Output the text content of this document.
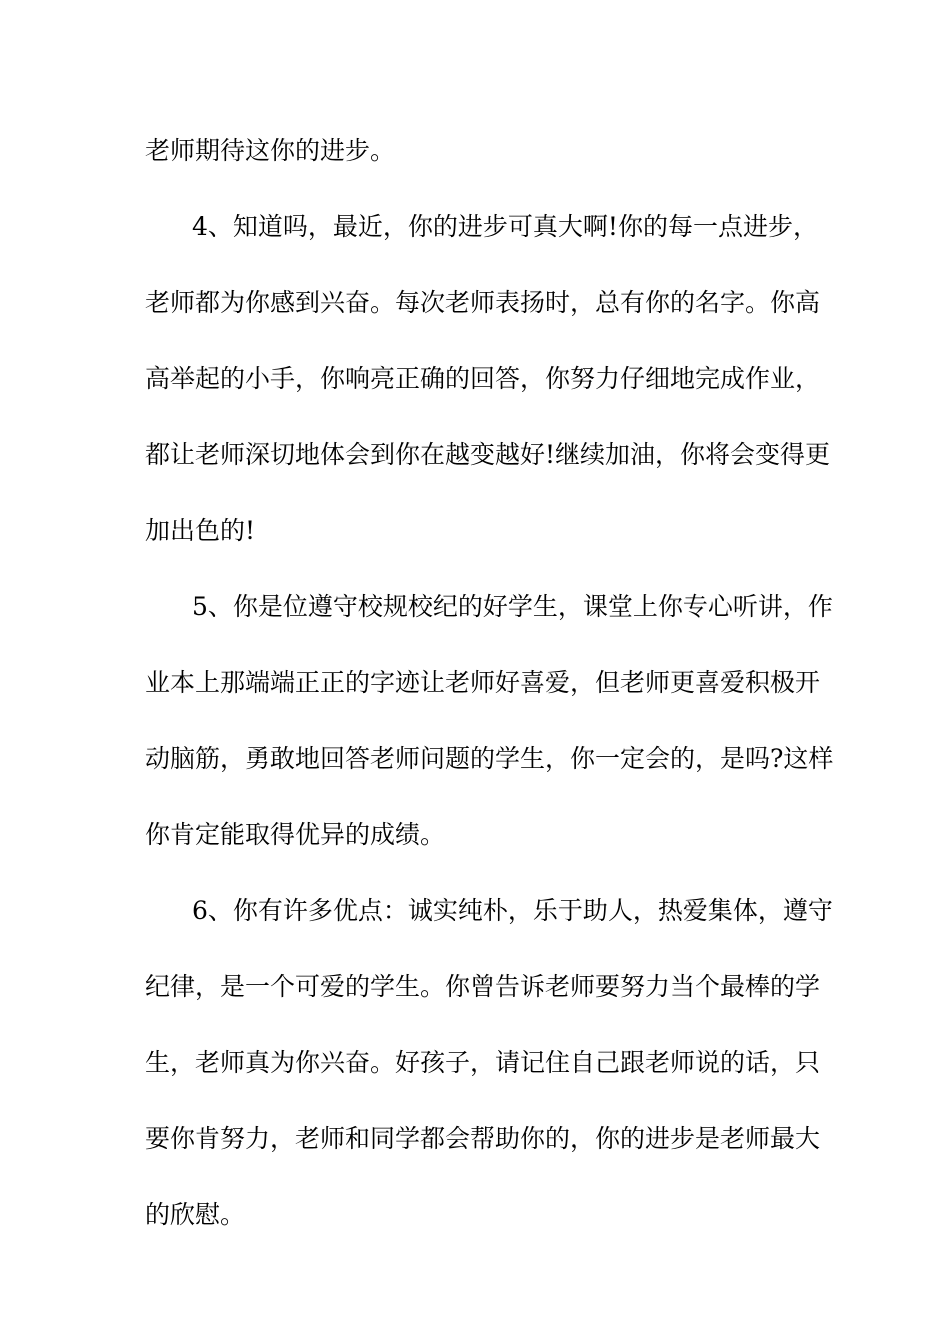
老师期待这你的进步。
4、知道吗，最近，你的进步可真大啊!你的每一点进步，
老师都为你感到兴奋。每次老师表扬时，总有你的名字。你高
高举起的小手，你响亮正确的回答，你努力仔细地完成作业，
都让老师深切地体会到你在越变越好!继续加油，你将会变得更
加出色的!
5、你是位遵守校规校纪的好学生，课堂上你专心听讲，作
业本上那端端正正的字迹让老师好喜爱，但老师更喜爱积极开
动脑筋，勇敢地回答老师问题的学生，你一定会的，是吗?这样
你肯定能取得优异的成绩。
6、你有许多优点：诚实纯朴，乐于助人，热爱集体，遵守
纪律，是一个可爱的学生。你曾告诉老师要努力当个最棒的学
生，老师真为你兴奋。好孩子，请记住自己跟老师说的话，只
要你肯努力，老师和同学都会帮助你的，你的进步是老师最大
的欣慰。
